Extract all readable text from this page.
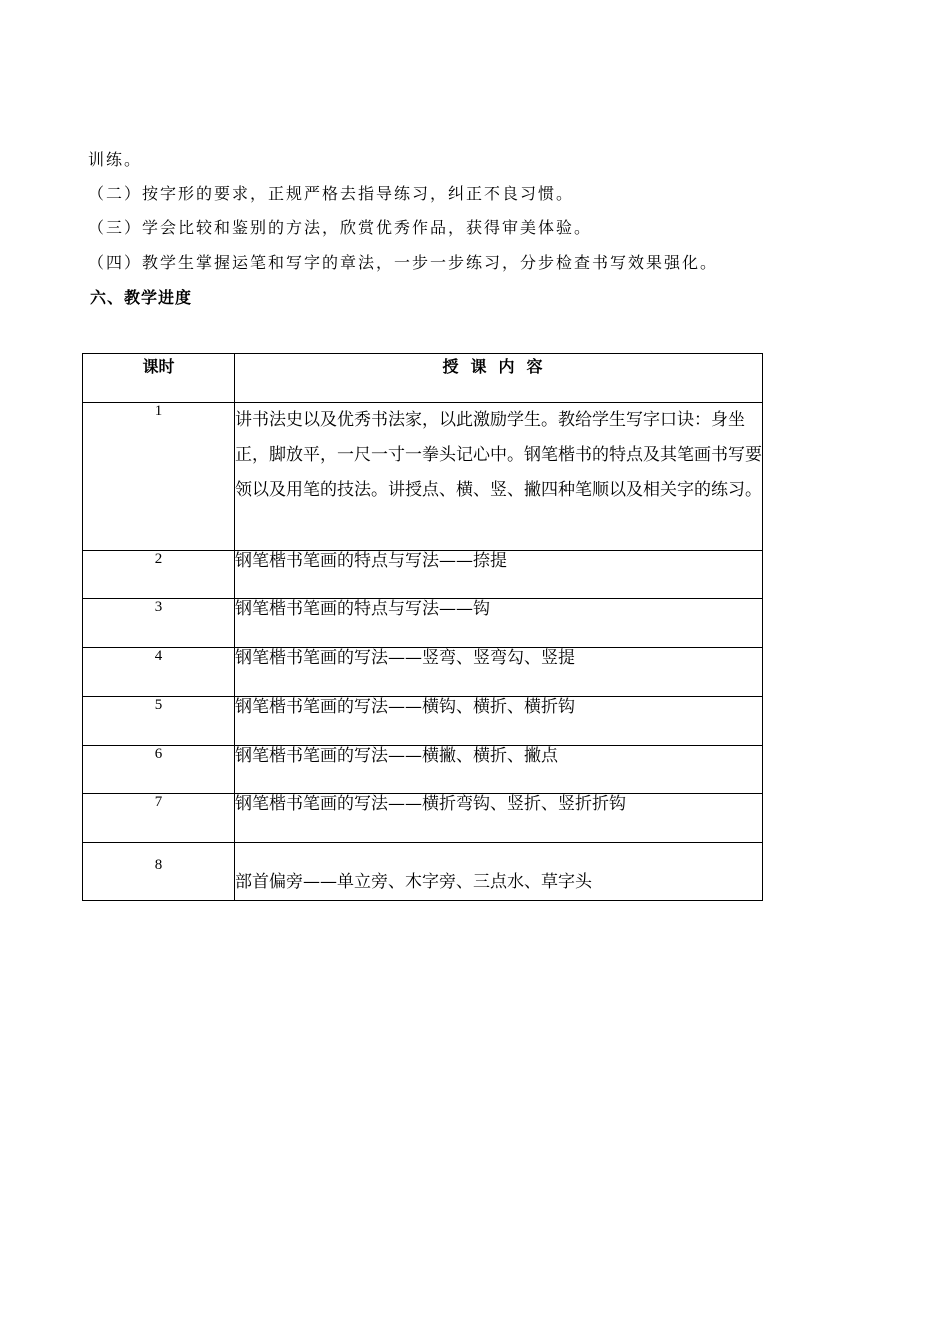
训练。
（二）按字形的要求，正规严格去指导练习，纠正不良习惯。
（三）学会比较和鉴别的方法，欣赏优秀作品，获得审美体验。
（四）教学生掌握运笔和写字的章法，一步一步练习，分步检查书写效果强化。
六、教学进度
课时	授课内容
1	讲书法史以及优秀书法家，以此激励学生。教给学生写字口诀：身坐正，脚放平，一尺一寸一拳头记心中。钢笔楷书的特点及其笔画书写要领以及用笔的技法。讲授点、横、竖、撇四种笔顺以及相关字的练习。
2	钢笔楷书笔画的特点与写法——捺提
3	钢笔楷书笔画的特点与写法——钩
4	钢笔楷书笔画的写法——竖弯、竖弯勾、竖提
5	钢笔楷书笔画的写法——横钩、横折、横折钩
6	钢笔楷书笔画的写法——横撇、横折、撇点
7	钢笔楷书笔画的写法——横折弯钩、竖折、竖折折钩
8	部首偏旁——单立旁、木字旁、三点水、草字头
